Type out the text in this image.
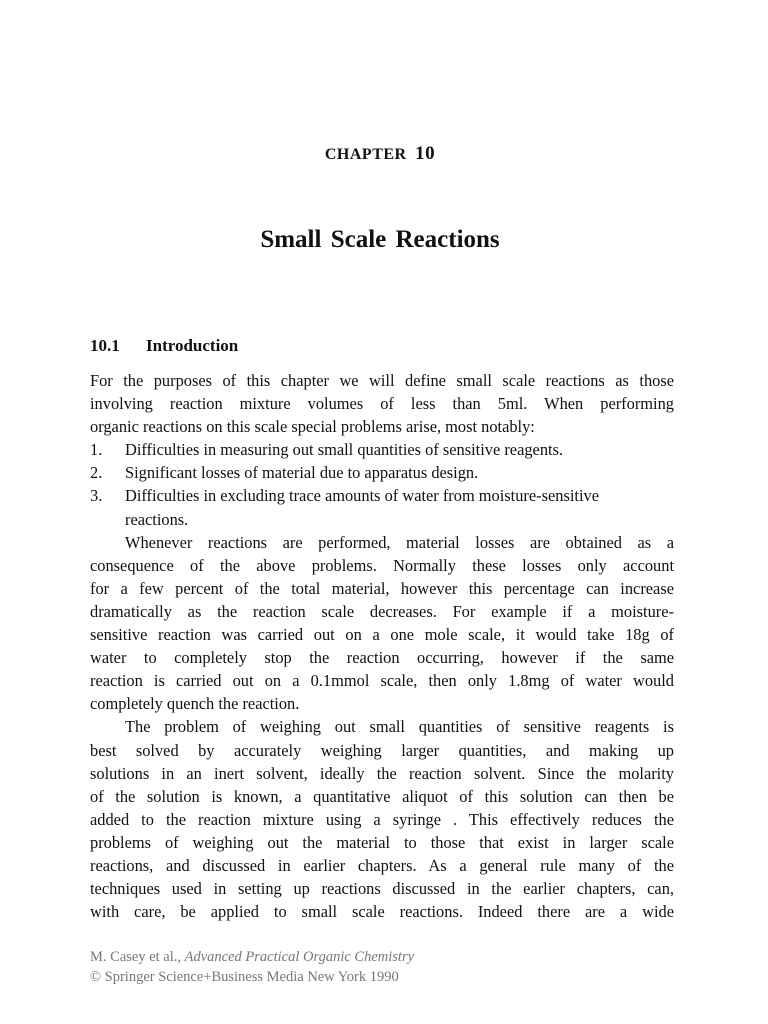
CHAPTER 10
Small Scale Reactions
10.1 Introduction
For the purposes of this chapter we will define small scale reactions as those
involving reaction mixture volumes of less than 5ml. When performing
organic reactions on this scale special problems arise, most notably:
1.	Difficulties in measuring out small quantities of sensitive reagents.
2.	Significant losses of material due to apparatus design.
3.	Difficulties in excluding trace amounts of water from moisture-sensitive
reactions.
Whenever reactions are performed, material losses are obtained as a
consequence of the above problems. Normally these losses only account
for a few percent of the total material, however this percentage can increase
dramatically as the reaction scale decreases. For example if a moisture-
sensitive reaction was carried out on a one mole scale, it would take 18g of
water to completely stop the reaction occurring, however if the same
reaction is carried out on a 0.1mmol scale, then only 1.8mg of water would
completely quench the reaction.
The problem of weighing out small quantities of sensitive reagents is
best solved by accurately weighing larger quantities, and making up
solutions in an inert solvent, ideally the reaction solvent. Since the molarity
of the solution is known, a quantitative aliquot of this solution can then be
added to the reaction mixture using a syringe . This effectively reduces the
problems of weighing out the material to those that exist in larger scale
reactions, and discussed in earlier chapters. As a general rule many of the
techniques used in setting up reactions discussed in the earlier chapters, can,
with care, be applied to small scale reactions. Indeed there are a wide
M. Casey et al., Advanced Practical Organic Chemistry
© Springer Science+Business Media New York 1990
